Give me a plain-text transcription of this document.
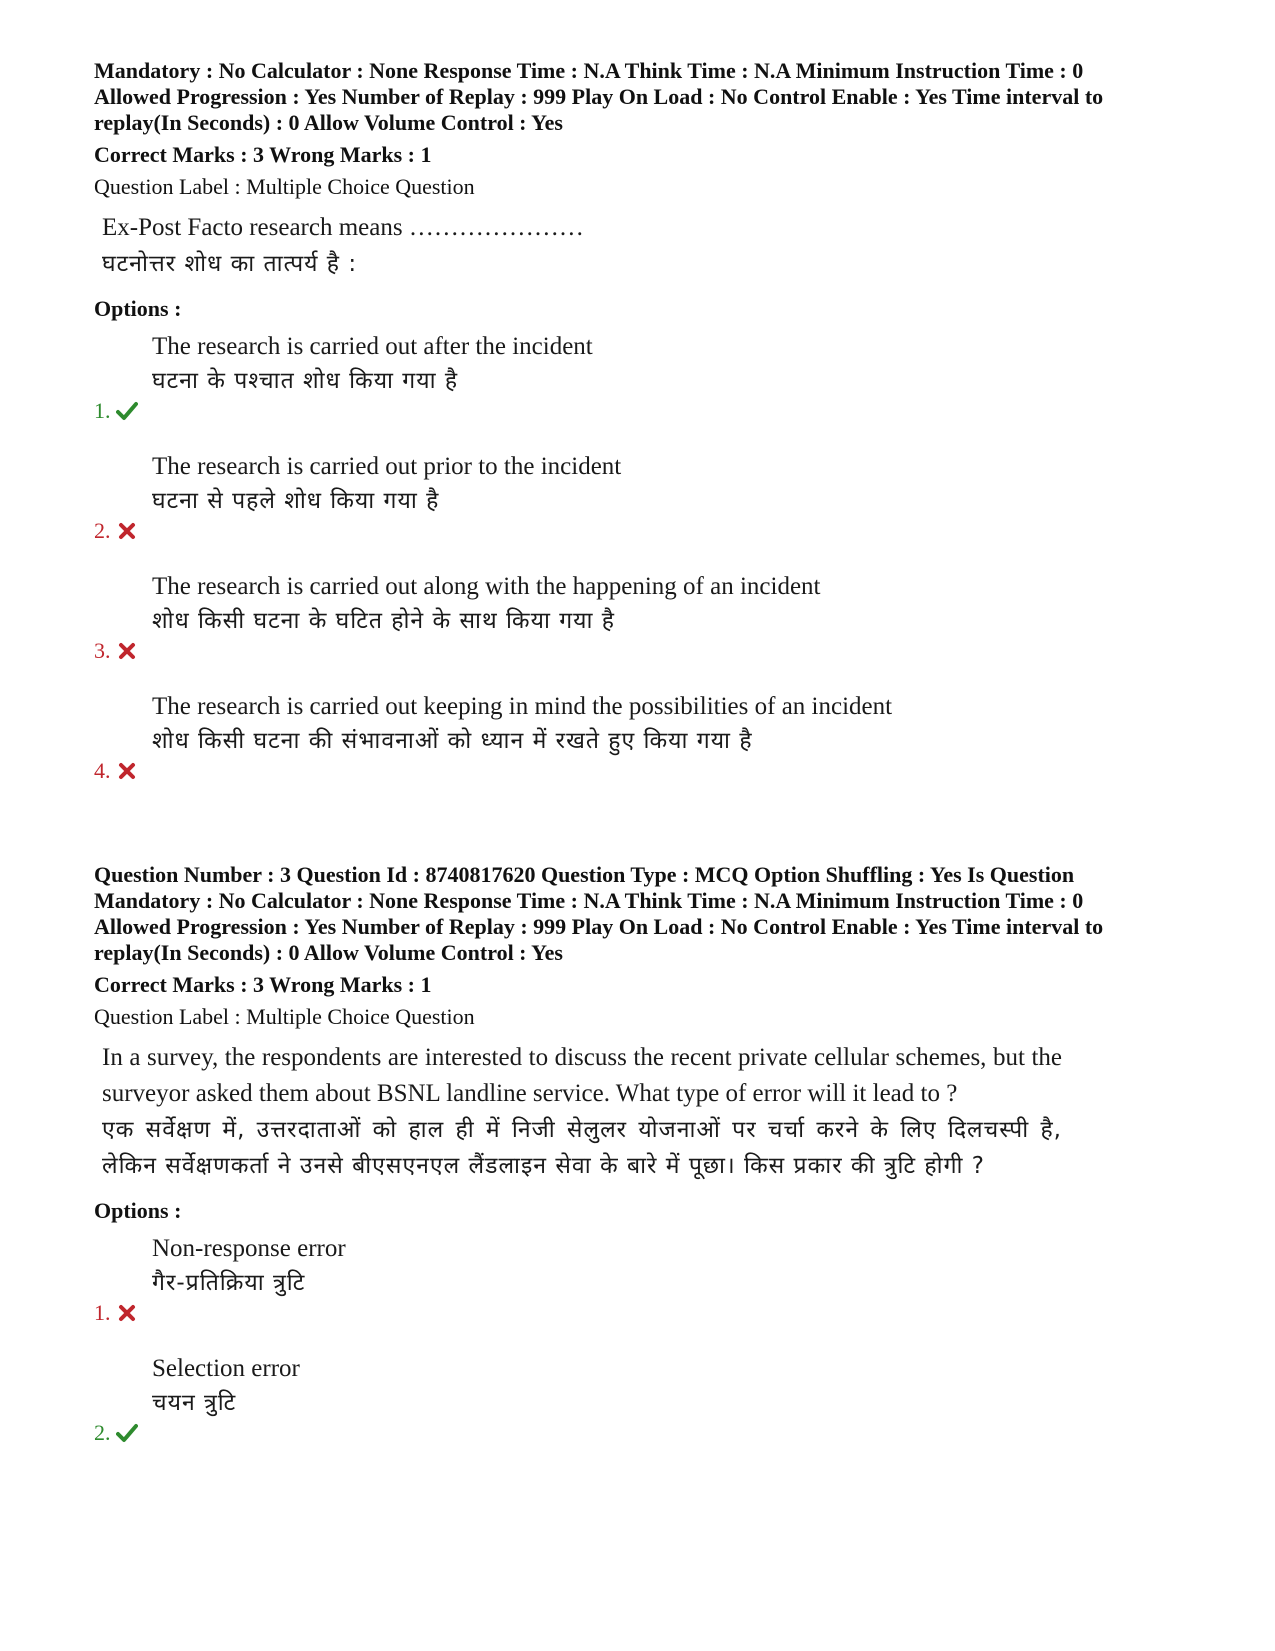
Mandatory : No Calculator : None Response Time : N.A Think Time : N.A Minimum Instruction Time : 0

Allowed Progression : Yes Number of Replay : 999 Play On Load : No Control Enable : Yes Time interval to

replay(In Seconds) : 0 Allow Volume Control : Yes

Correct Marks : 3 Wrong Marks : 1
Question Label : Multiple Choice Question
Ex-Post Facto research means …………………
घटनोत्तर शोध का तात्पर्य है :
Options :
1.
The research is carried out after the incident
घटना के पश्चात शोध किया गया है
2.
The research is carried out prior to the incident
घटना से पहले शोध किया गया है
3.
The research is carried out along with the happening of an incident
शोध किसी घटना के घटित होने के साथ किया गया है
4.
The research is carried out keeping in mind the possibilities of an incident
शोध किसी घटना की संभावनाओं को ध्यान में रखते हुए किया गया है

Question Number : 3 Question Id : 8740817620 Question Type : MCQ Option Shuffling : Yes Is Question

Mandatory : No Calculator : None Response Time : N.A Think Time : N.A Minimum Instruction Time : 0

Allowed Progression : Yes Number of Replay : 999 Play On Load : No Control Enable : Yes Time interval to

replay(In Seconds) : 0 Allow Volume Control : Yes

Correct Marks : 3 Wrong Marks : 1
Question Label : Multiple Choice Question
In a survey, the respondents are interested to discuss the recent private cellular schemes, but the surveyor asked them about BSNL landline service. What type of error will it lead to ?
एक सर्वेक्षण में, उत्तरदाताओं को हाल ही में निजी सेलुलर योजनाओं पर चर्चा करने के लिए दिलचस्पी है, लेकिन सर्वेक्षणकर्ता ने उनसे बीएसएनएल लैंडलाइन सेवा के बारे में पूछा। किस प्रकार की त्रुटि होगी ?
Options :
1.
Non-response error
गैर-प्रतिक्रिया त्रुटि
2.
Selection error
चयन त्रुटि
